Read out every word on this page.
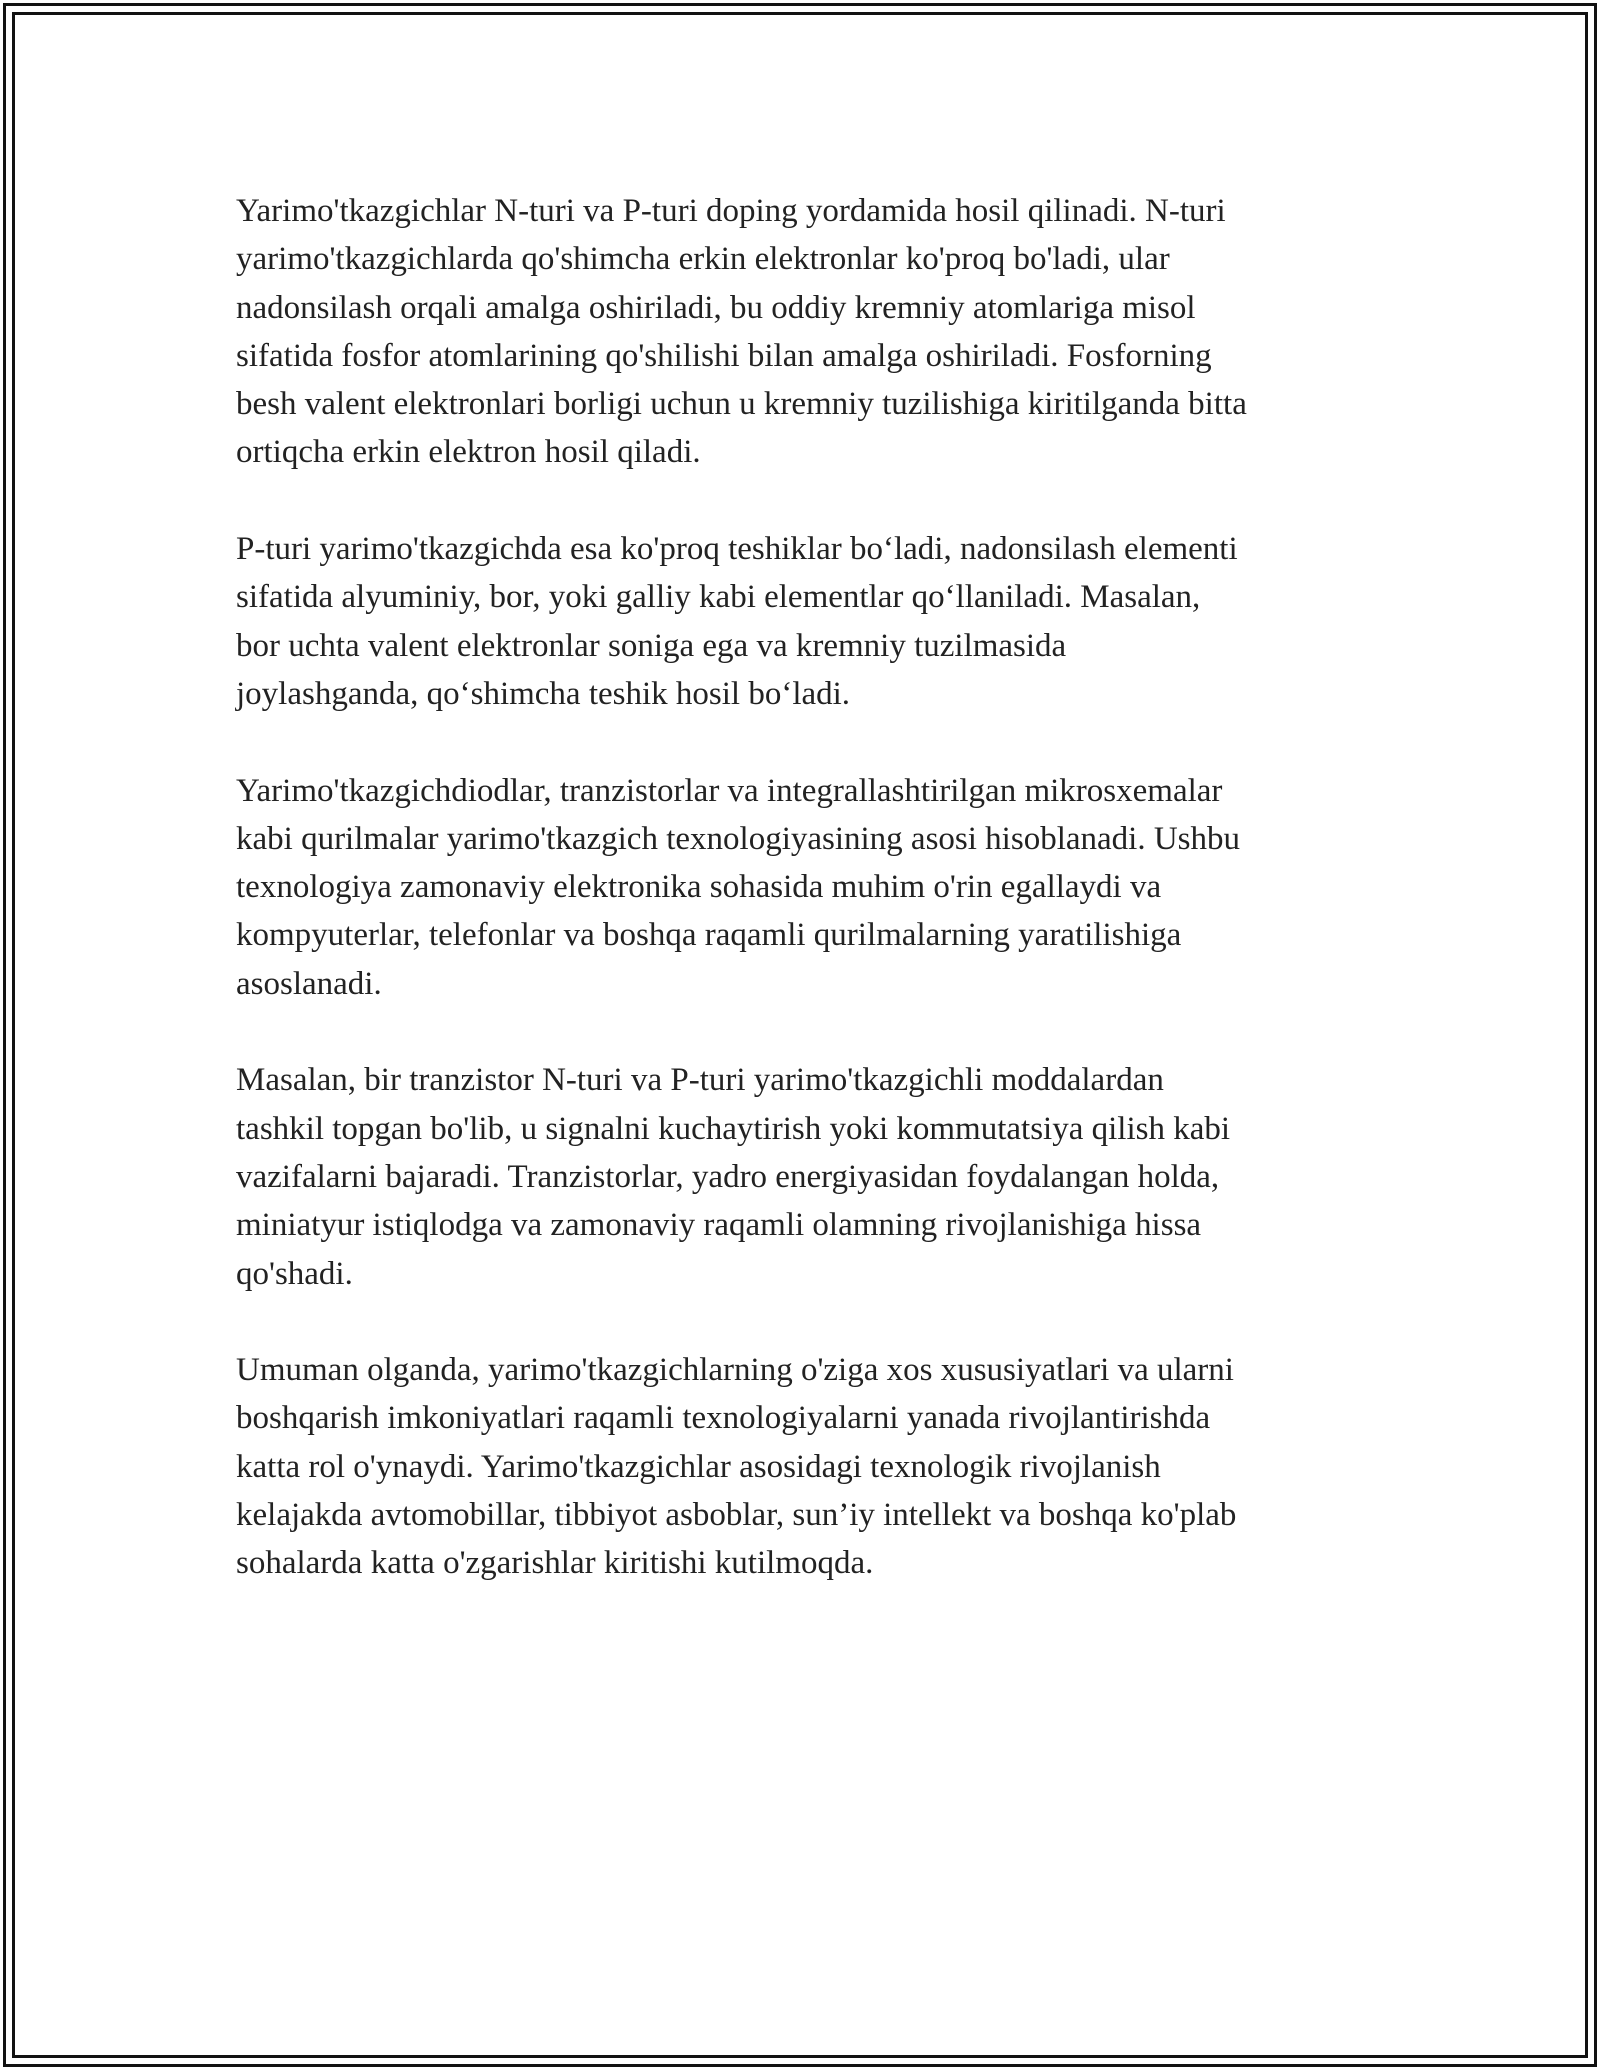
Yarimo'tkazgichlar N-turi va P-turi doping yordamida hosil qilinadi. N-turi
yarimo'tkazgichlarda qo'shimcha erkin elektronlar ko'proq bo'ladi, ular
nadonsilash orqali amalga oshiriladi, bu oddiy kremniy atomlariga misol
sifatida fosfor atomlarining qo'shilishi bilan amalga oshiriladi. Fosforning
besh valent elektronlari borligi uchun u kremniy tuzilishiga kiritilganda bitta
ortiqcha erkin elektron hosil qiladi.

P-turi yarimo'tkazgichda esa ko'proq teshiklar bo‘ladi, nadonsilash elementi
sifatida alyuminiy, bor, yoki galliy kabi elementlar qo‘llaniladi. Masalan,
bor uchta valent elektronlar soniga ega va kremniy tuzilmasida
joylashganda, qo‘shimcha teshik hosil bo‘ladi.

Yarimo'tkazgichdiodlar, tranzistorlar va integrallashtirilgan mikrosxemalar
kabi qurilmalar yarimo'tkazgich texnologiyasining asosi hisoblanadi. Ushbu
texnologiya zamonaviy elektronika sohasida muhim o'rin egallaydi va
kompyuterlar, telefonlar va boshqa raqamli qurilmalarning yaratilishiga
asoslanadi.

Masalan, bir tranzistor N-turi va P-turi yarimo'tkazgichli moddalardan
tashkil topgan bo'lib, u signalni kuchaytirish yoki kommutatsiya qilish kabi
vazifalarni bajaradi. Tranzistorlar, yadro energiyasidan foydalangan holda,
miniatyur istiqlodga va zamonaviy raqamli olamning rivojlanishiga hissa
qo'shadi.

Umuman olganda, yarimo'tkazgichlarning o'ziga xos xususiyatlari va ularni
boshqarish imkoniyatlari raqamli texnologiyalarni yanada rivojlantirishda
katta rol o'ynaydi. Yarimo'tkazgichlar asosidagi texnologik rivojlanish
kelajakda avtomobillar, tibbiyot asboblar, sun’iy intellekt va boshqa ko'plab
sohalarda katta o'zgarishlar kiritishi kutilmoqda.
